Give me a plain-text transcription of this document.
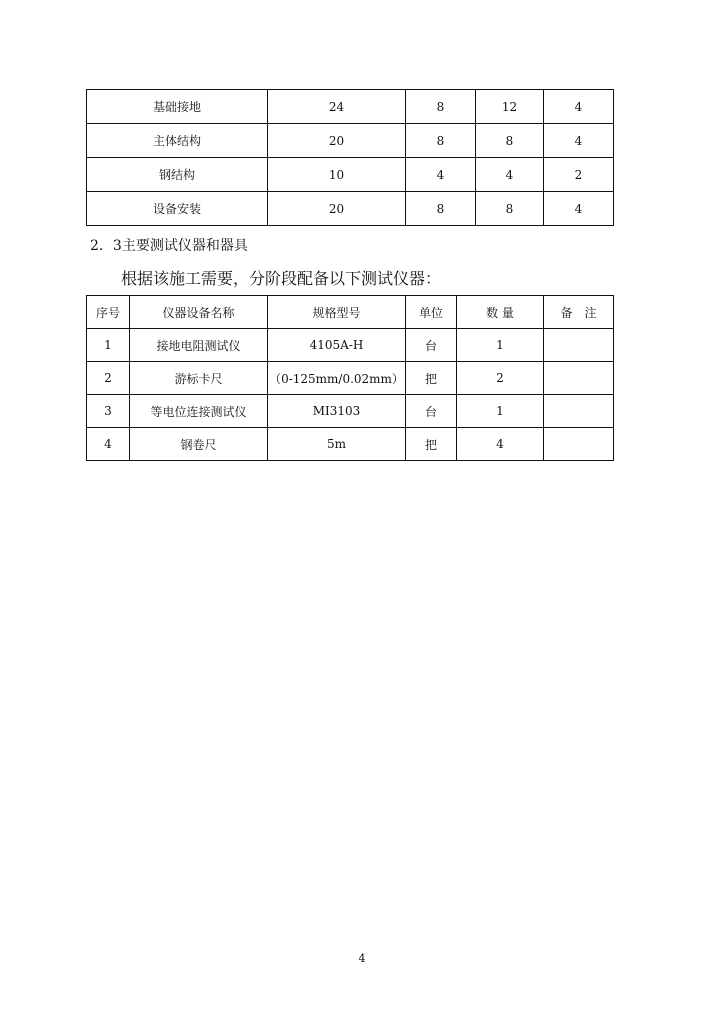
基础接地	24	8	12	4
主体结构	20	8	8	4
钢结构	10	4	4	2
设备安装	20	8	8	4
2．3主要测试仪器和器具
根据该施工需要，分阶段配备以下测试仪器：
序号	仪器设备名称	规格型号	单位	数 量	备　注
1	接地电阻测试仪	4105A-H	台	1	
2	游标卡尺	（0-125mm/0.02mm）	把	2	
3	等电位连接测试仪	MI3103	台	1	
4	钢卷尺	5m	把	4	
4
